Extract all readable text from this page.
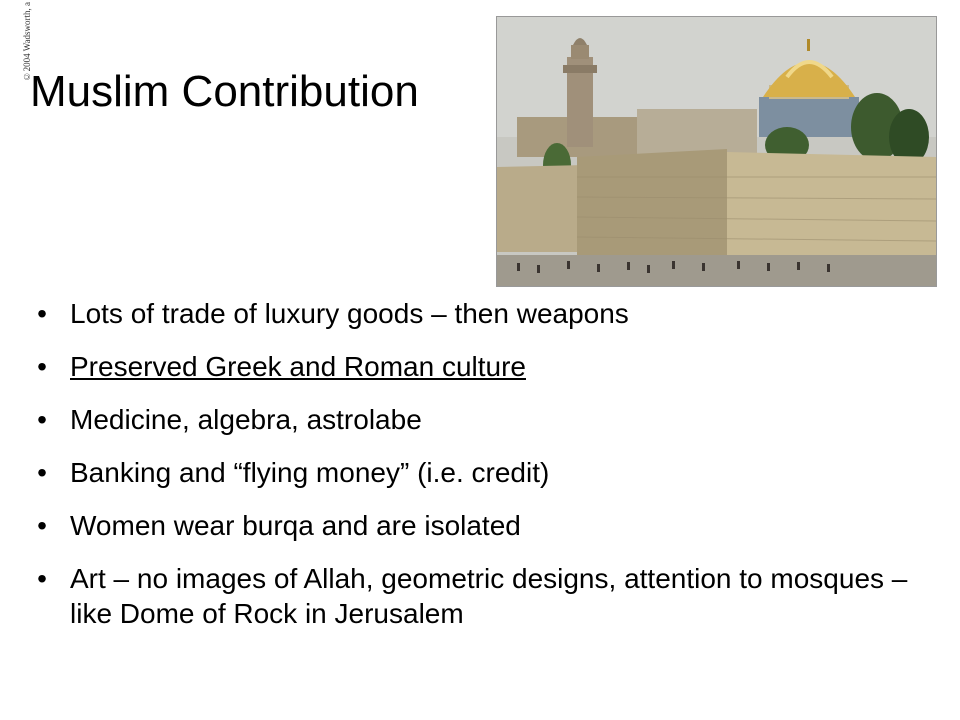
©2004 Wadsworth, a
Muslim Contribution
• Lots of trade of luxury goods – then weapons
• Preserved Greek and Roman culture
• Medicine, algebra, astrolabe
• Banking and “flying money” (i.e. credit)
• Women wear burqa and are isolated
• Art – no images of Allah, geometric designs, attention to mosques – like Dome of Rock in Jerusalem
